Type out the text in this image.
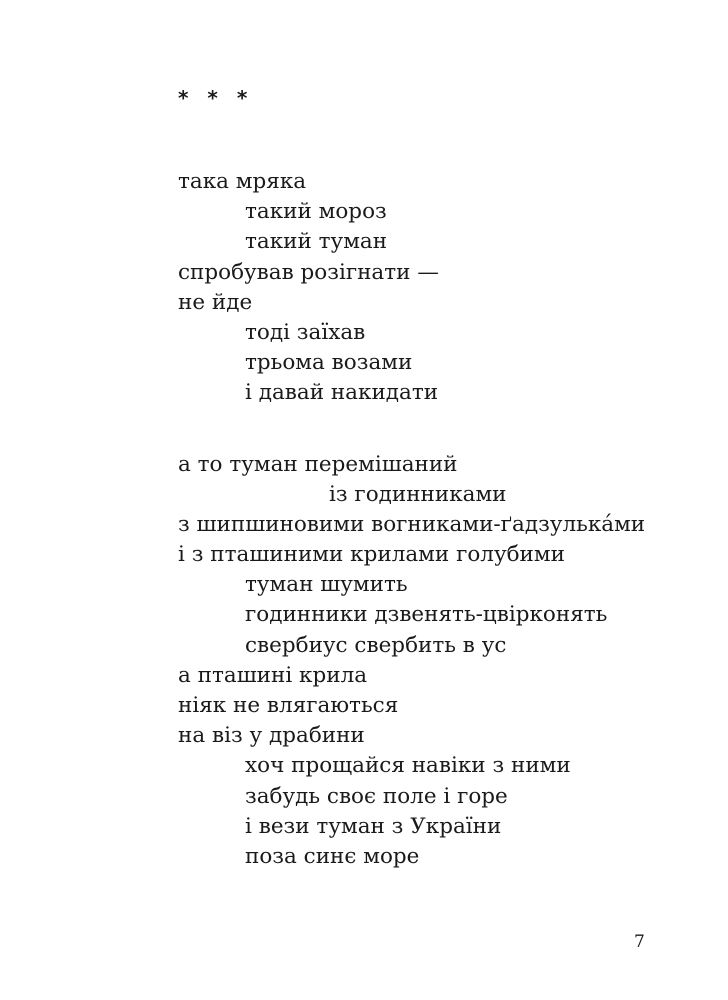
* * *

така мряка
такий мороз
такий туман
спробував розігнати —
не йде
тоді заїхав
трьома возами
і давай накидати
а то туман перемішаний
із годинниками
з шипшиновими вогниками-ґадзулька́ми
і з пташиними крилами голубими
туман шумить
годинники дзвенять-цвірконять
свербиус свербить в ус
а пташині крила
ніяк не влягаються
на віз у драбини
хоч прощайся навіки з ними
забудь своє поле і горе
і вези туман з України
поза синє море

7
